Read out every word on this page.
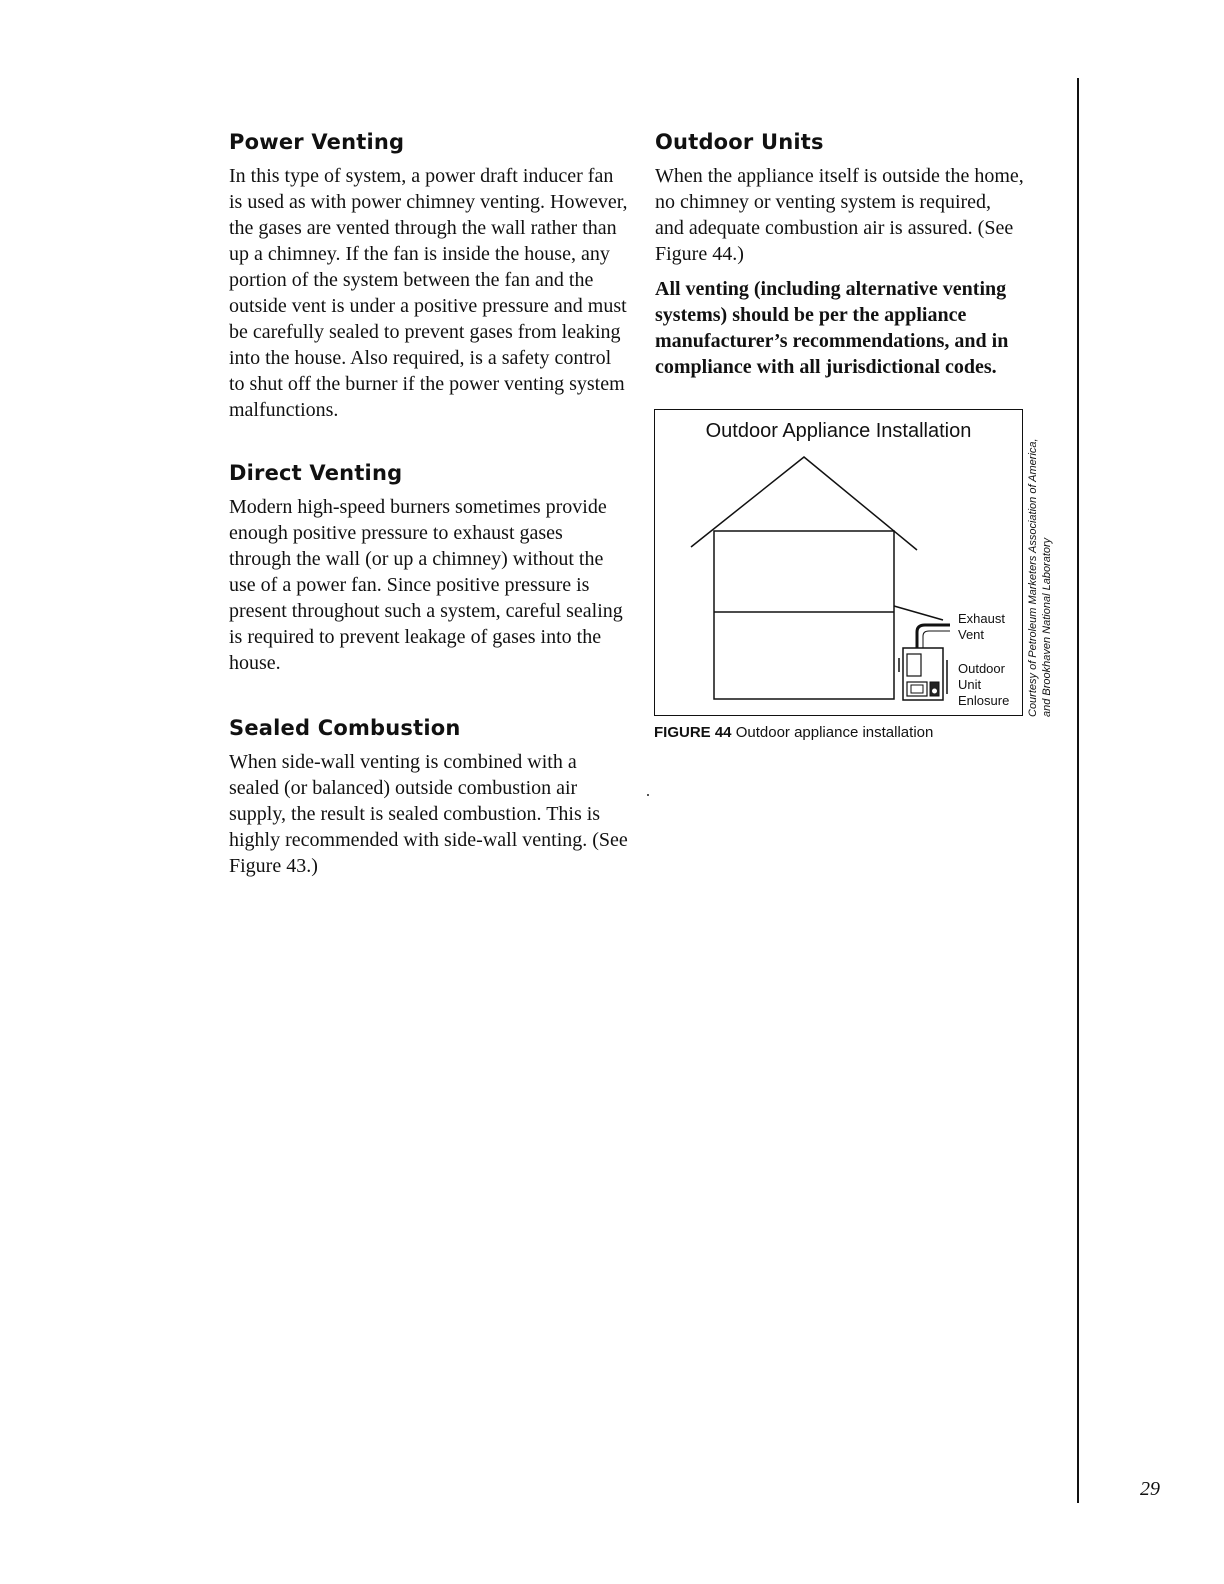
Power Venting
In this type of system, a power draft inducer fan
is used as with power chimney venting. However,
the gases are vented through the wall rather than
up a chimney. If the fan is inside the house, any
portion of the system between the fan and the
outside vent is under a positive pressure and must
be carefully sealed to prevent gases from leaking
into the house. Also required, is a safety control
to shut off the burner if the power venting system
malfunctions.
Direct Venting
Modern high-speed burners sometimes provide
enough positive pressure to exhaust gases
through the wall (or up a chimney) without the
use of a power fan. Since positive pressure is
present throughout such a system, careful sealing
is required to prevent leakage of gases into the
house.
Sealed Combustion
When side-wall venting is combined with a
sealed (or balanced) outside combustion air
supply, the result is sealed combustion. This is
highly recommended with side-wall venting. (See
Figure 43.)
Outdoor Units
When the appliance itself is outside the home,
no chimney or venting system is required,
and adequate combustion air is assured. (See
Figure 44.)
All venting (including alternative venting
systems) should be per the appliance
manufacturer’s recommendations, and in
compliance with all jurisdictional codes.
Outdoor Appliance Installation
Exhaust
Vent
Outdoor
Unit
Enlosure Courtesy of Petroleum Marketers Association of America, and Brookhaven National Laboratory
FIGURE 44 Outdoor appliance installation
29
